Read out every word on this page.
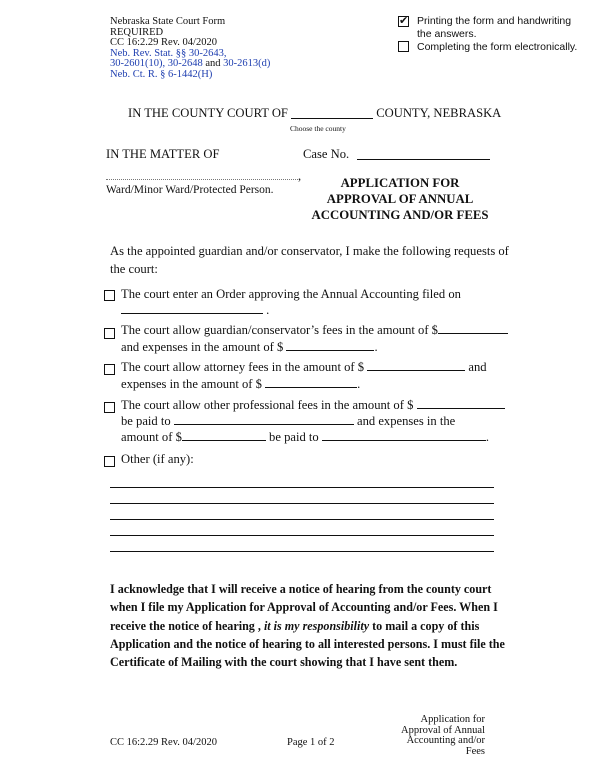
Nebraska State Court Form
REQUIRED
CC 16:2.29 Rev. 04/2020
Neb. Rev. Stat. §§ 30-2643,
30-2601(10), 30-2648 and 30-2613(d)
Neb. Ct. R. § 6-1442(H)
✔
Printing the form and handwriting
the answers.
Completing the form electronically.
IN THE COUNTY COURT OF	COUNTY, NEBRASKA
Choose the county
IN THE MATTER OF	Case No.
,
Ward/Minor Ward/Protected Person.	APPLICATION FOR
APPROVAL OF ANNUAL
ACCOUNTING AND/OR FEES
As the appointed guardian and/or conservator, I make the following requests of
the court:
The court enter an Order approving the Annual Accounting filed on
.
The court allow guardian/conservator’s fees in the amount of $
and expenses in the amount of $	.
The court allow attorney fees in the amount of $	and
expenses in the amount of $	.
The court allow other professional fees in the amount of $
be paid to	and expenses in the
amount of $	be paid to	.
Other (if any):
I acknowledge that I will receive a notice of hearing from the county court when I file my Application for Approval of Accounting and/or Fees. When I receive the notice of hearing , it is my responsibility to mail a copy of this Application and the notice of hearing to all interested persons. I must file the Certificate of Mailing with the court showing that I have sent them.
CC 16:2.29 Rev. 04/2020	Page 1 of 2
Application for
Approval of Annual
Accounting and/or Fees
